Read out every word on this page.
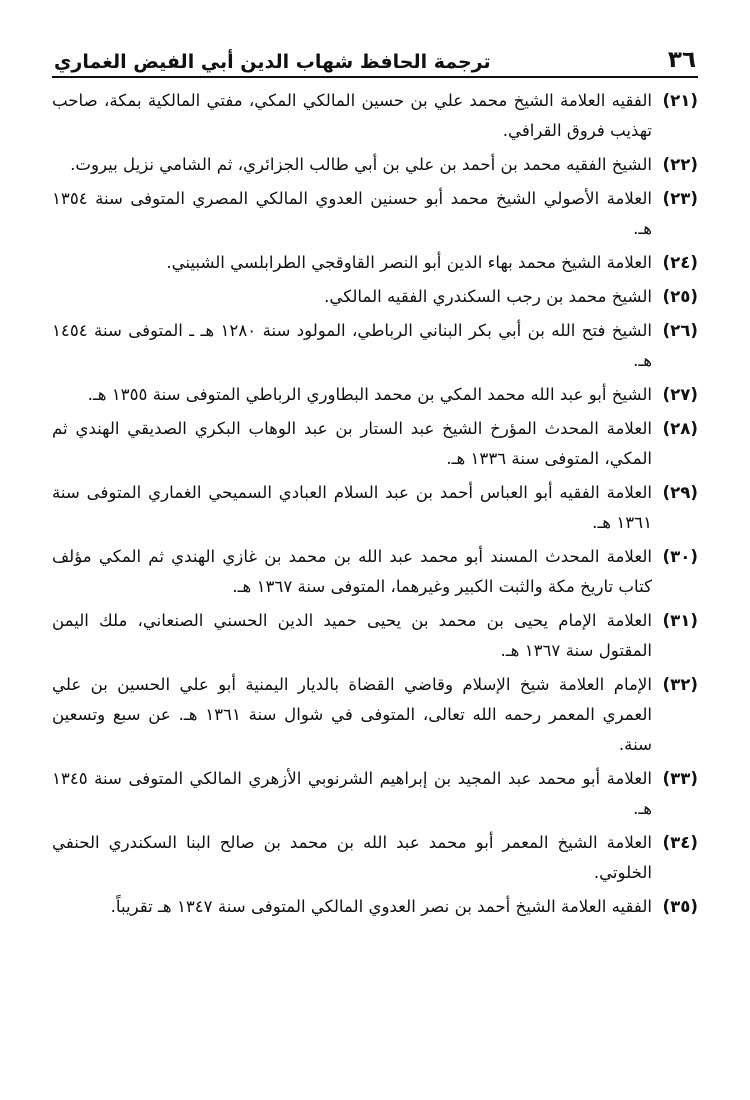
٣٦
ترجمة الحافظ شهاب الدين أبي الفيض الغماري
(٢١)
الفقيه العلامة الشيخ محمد علي بن حسين المالكي المكي، مفتي المالكية بمكة، صاحب تهذيب فروق القرافي.
(٢٢)
الشيخ الفقيه محمد بن أحمد بن علي بن أبي طالب الجزائري، ثم الشامي نزيل بيروت.
(٢٣)
العلامة الأصولي الشيخ محمد أبو حسنين العدوي المالكي المصري المتوفى سنة ١٣٥٤ هـ.
(٢٤)
العلامة الشيخ محمد بهاء الدين أبو النصر القاوقجي الطرابلسي الشبيني.
(٢٥)
الشيخ محمد بن رجب السكندري الفقيه المالكي.
(٢٦)
الشيخ فتح الله بن أبي بكر البناني الرباطي، المولود سنة ١٢٨٠ هـ ـ المتوفى سنة ١٤٥٤ هـ.
(٢٧)
الشيخ أبو عبد الله محمد المكي بن محمد البطاوري الرباطي المتوفى سنة ١٣٥٥ هـ.
(٢٨)
العلامة المحدث المؤرخ الشيخ عبد الستار بن عبد الوهاب البكري الصديقي الهندي ثم المكي، المتوفى سنة ١٣٣٦ هـ.
(٢٩)
العلامة الفقيه أبو العباس أحمد بن عبد السلام العبادي السميحي الغماري المتوفى سنة ١٣٦١ هـ.
(٣٠)
العلامة المحدث المسند أبو محمد عبد الله بن محمد بن غازي الهندي ثم المكي مؤلف كتاب تاريخ مكة والثبت الكبير وغيرهما، المتوفى سنة ١٣٦٧ هـ.
(٣١)
العلامة الإمام يحيى بن محمد بن يحيى حميد الدين الحسني الصنعاني، ملك اليمن المقتول سنة ١٣٦٧ هـ.
(٣٢)
الإمام العلامة شيخ الإسلام وقاضي القضاة بالديار اليمنية أبو علي الحسين بن علي العمري المعمر رحمه الله تعالى، المتوفى في شوال سنة ١٣٦١ هـ. عن سبع وتسعين سنة.
(٣٣)
العلامة أبو محمد عبد المجيد بن إبراهيم الشرنوبي الأزهري المالكي المتوفى سنة ١٣٤٥ هـ.
(٣٤)
العلامة الشيخ المعمر أبو محمد عبد الله بن محمد بن صالح البنا السكندري الحنفي الخلوتي.
(٣٥)
الفقيه العلامة الشيخ أحمد بن نصر العدوي المالكي المتوفى سنة ١٣٤٧ هـ تقريباً.
